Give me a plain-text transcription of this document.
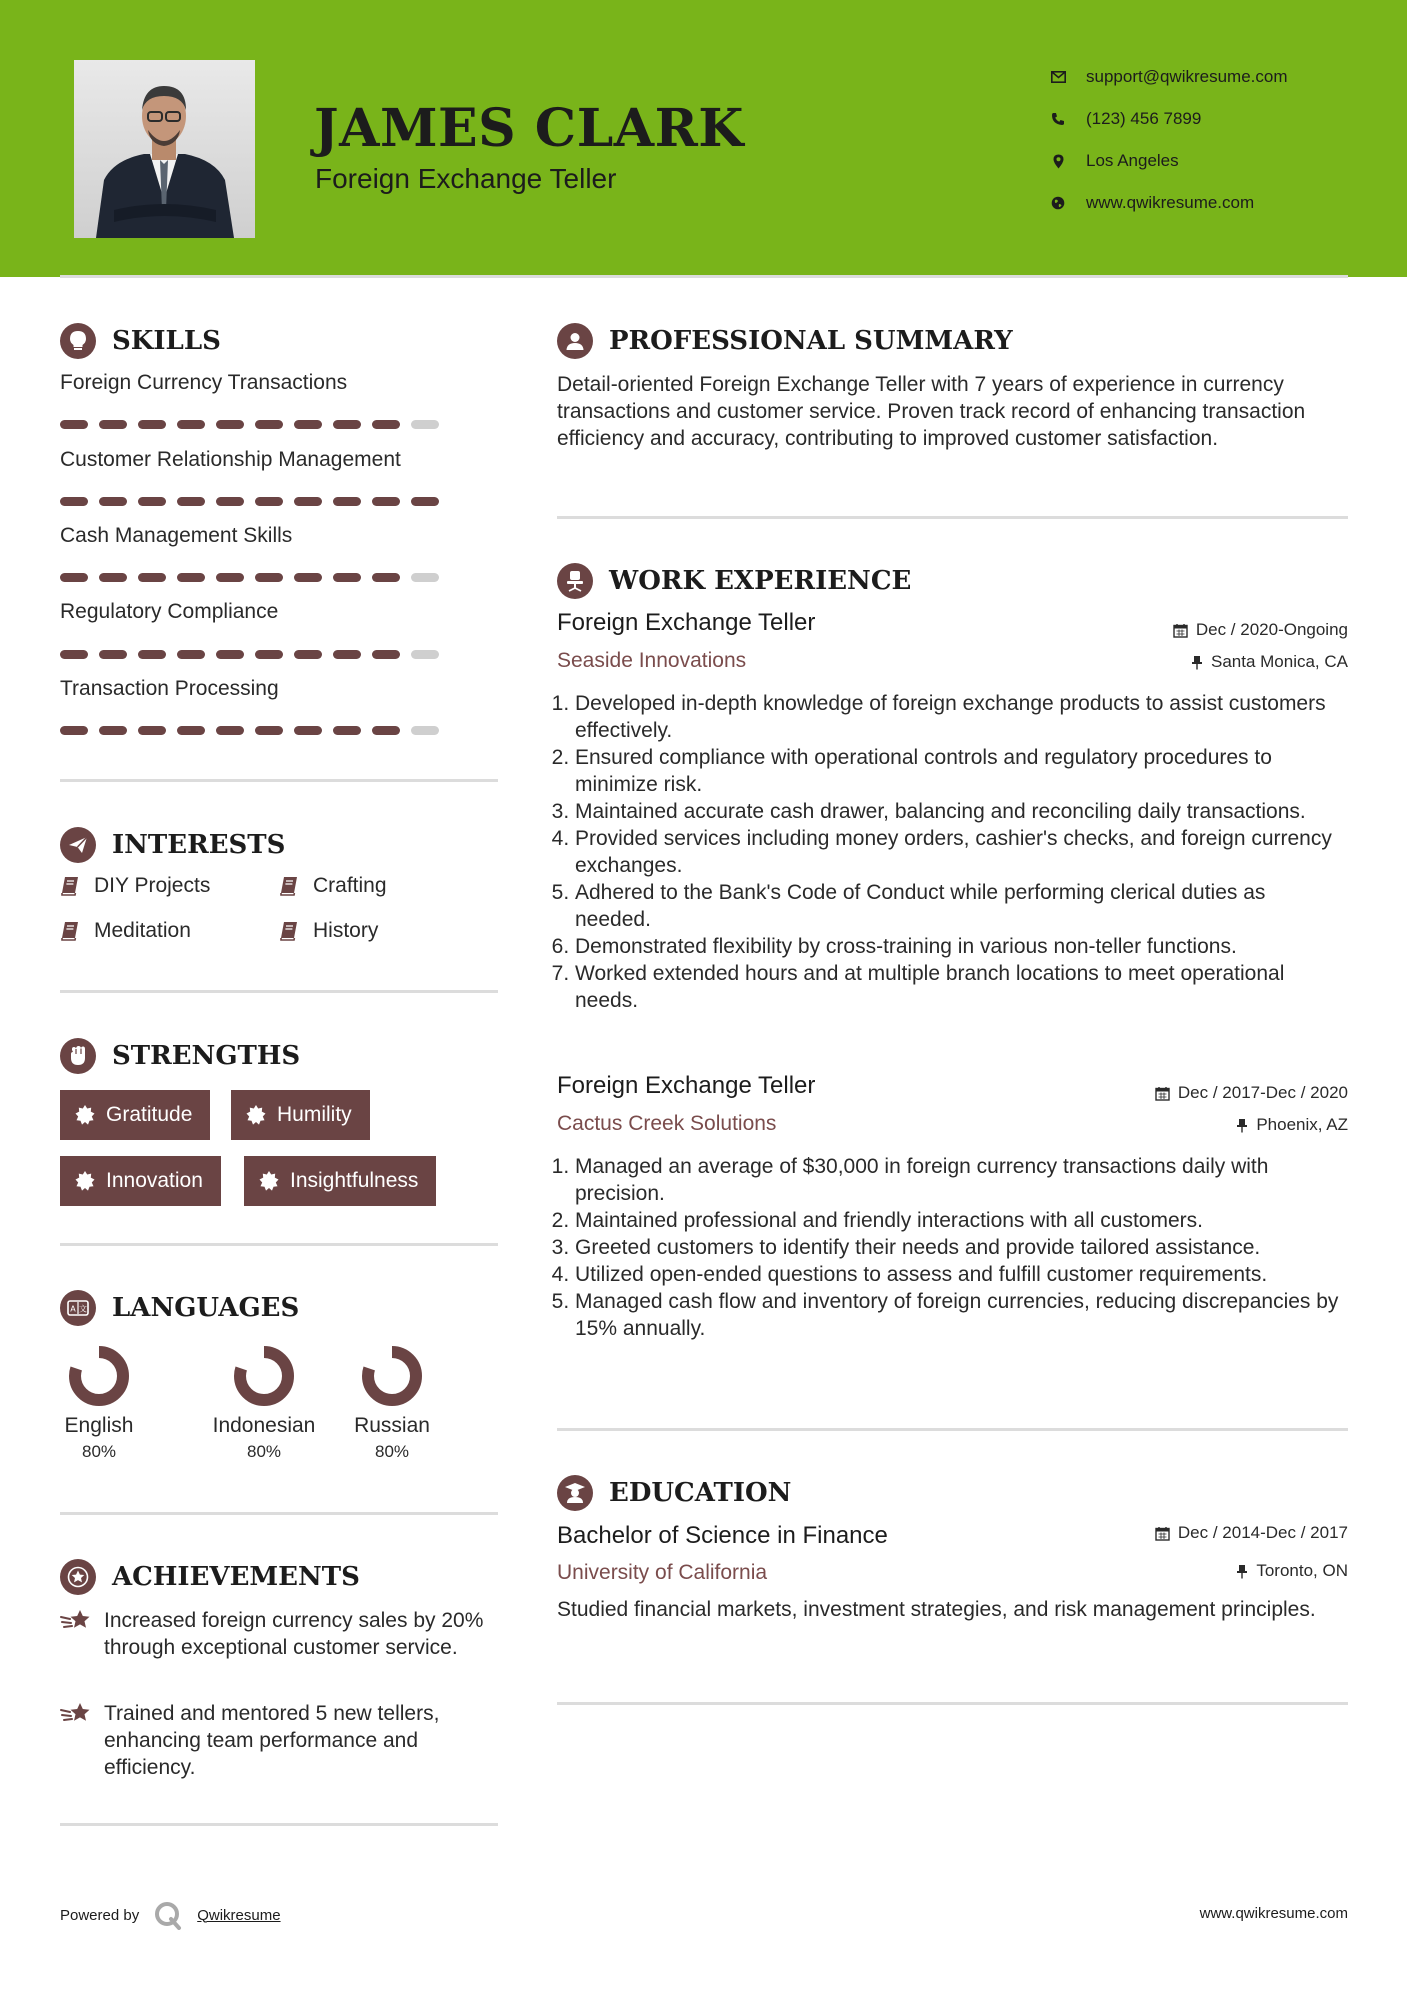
JAMES CLARK
Foreign Exchange Teller
support@qwikresume.com
(123) 456 7899
Los Angeles
www.qwikresume.com
SKILLS
Foreign Currency Transactions
Customer Relationship Management
Cash Management Skills
Regulatory Compliance
Transaction Processing
INTERESTS
DIY Projects	Crafting
Meditation	History
STRENGTHS
Gratitude	Humility
Innovation	Insightfulness
A 文 LANGUAGES
English
80%
Indonesian
80%
Russian
80%
ACHIEVEMENTS
Increased foreign currency sales by 20% through exceptional customer service.
Trained and mentored 5 new tellers, enhancing team performance and efficiency.
PROFESSIONAL SUMMARY
Detail-oriented Foreign Exchange Teller with 7 years of experience in currency transactions and customer service. Proven track record of enhancing transaction efficiency and accuracy, contributing to improved customer satisfaction.
WORK EXPERIENCE
Foreign Exchange Teller	Dec / 2020-Ongoing
Seaside Innovations	Santa Monica, CA
1. Developed in-depth knowledge of foreign exchange products to assist customers effectively.
2. Ensured compliance with operational controls and regulatory procedures to minimize risk.
3. Maintained accurate cash drawer, balancing and reconciling daily transactions.
4. Provided services including money orders, cashier's checks, and foreign currency exchanges.
5. Adhered to the Bank's Code of Conduct while performing clerical duties as needed.
6. Demonstrated flexibility by cross-training in various non-teller functions.
7. Worked extended hours and at multiple branch locations to meet operational needs.
Foreign Exchange Teller	Dec / 2017-Dec / 2020
Cactus Creek Solutions	Phoenix, AZ
1. Managed an average of $30,000 in foreign currency transactions daily with precision.
2. Maintained professional and friendly interactions with all customers.
3. Greeted customers to identify their needs and provide tailored assistance.
4. Utilized open-ended questions to assess and fulfill customer requirements.
5. Managed cash flow and inventory of foreign currencies, reducing discrepancies by 15% annually.
EDUCATION
Bachelor of Science in Finance	Dec / 2014-Dec / 2017
University of California	Toronto, ON
Studied financial markets, investment strategies, and risk management principles.
Powered by	Qwikresume	www.qwikresume.com
